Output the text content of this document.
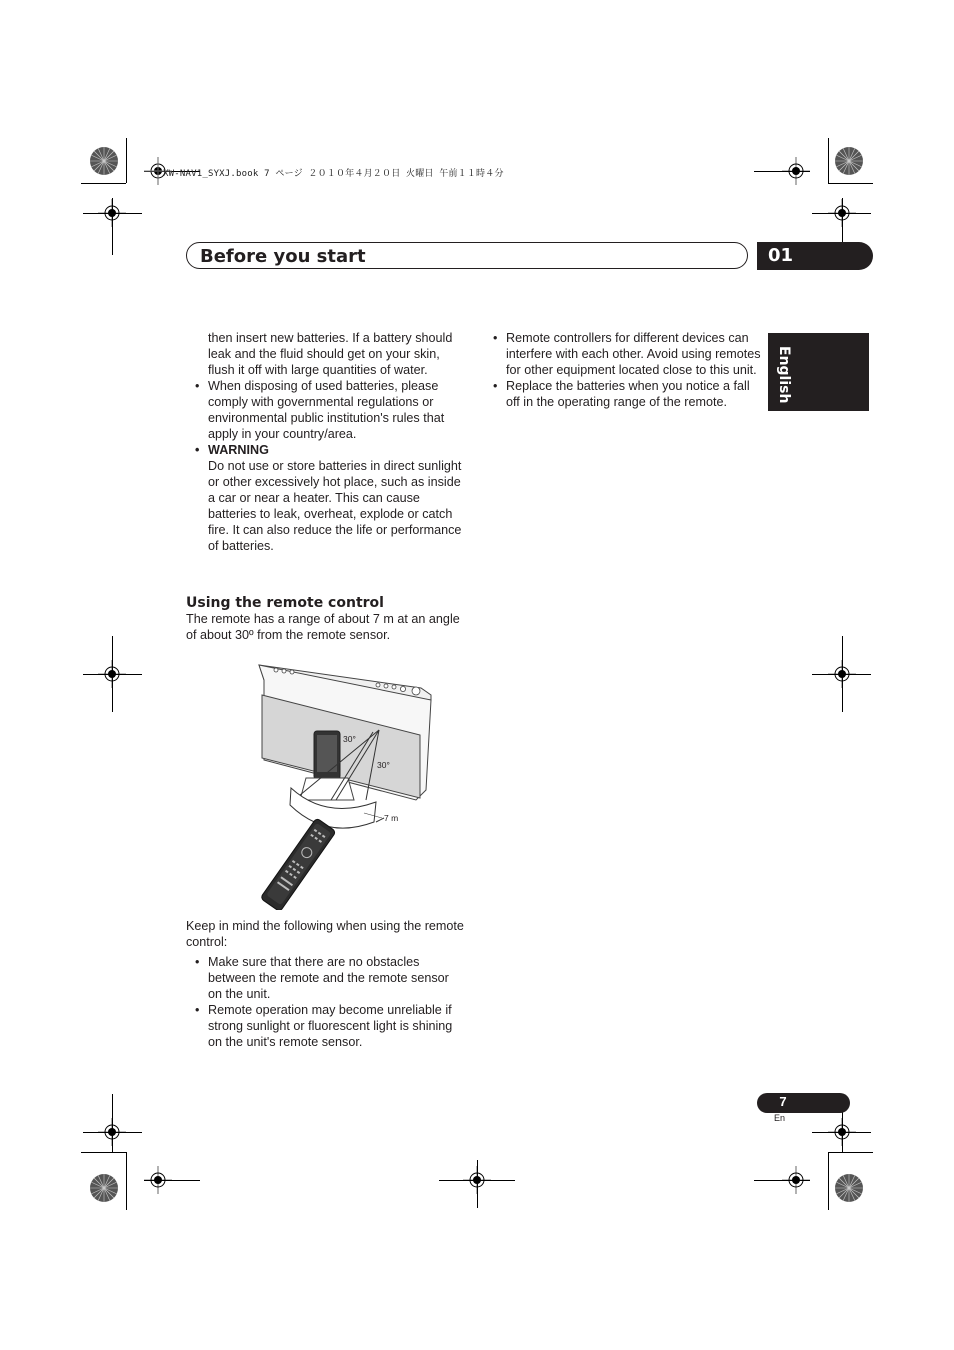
XW-NAV1_SYXJ.book 7 ページ ２０１０年４月２０日 火曜日 午前１１時４分
Before you start	01
English

then insert new batteries. If a battery should leak and the fluid should get on your skin, flush it off with large quantities of water.

• When disposing of used batteries, please comply with governmental regulations or environmental public institution's rules that apply in your country/area.

• WARNING

Do not use or store batteries in direct sunlight or other excessively hot place, such as inside a car or near a heater. This can cause batteries to leak, overheat, explode or catch fire. It can also reduce the life or performance of batteries.

Using the remote control

The remote has a range of about 7 m at an angle of about 30º from the remote sensor.

30°
30°
7 m

Keep in mind the following when using the remote control:

• Make sure that there are no obstacles between the remote and the remote sensor on the unit.

• Remote operation may become unreliable if strong sunlight or fluorescent light is shining on the unit's remote sensor.

• Remote controllers for different devices can interfere with each other. Avoid using remotes for other equipment located close to this unit.

• Replace the batteries when you notice a fall off in the operating range of the remote.

7
En
